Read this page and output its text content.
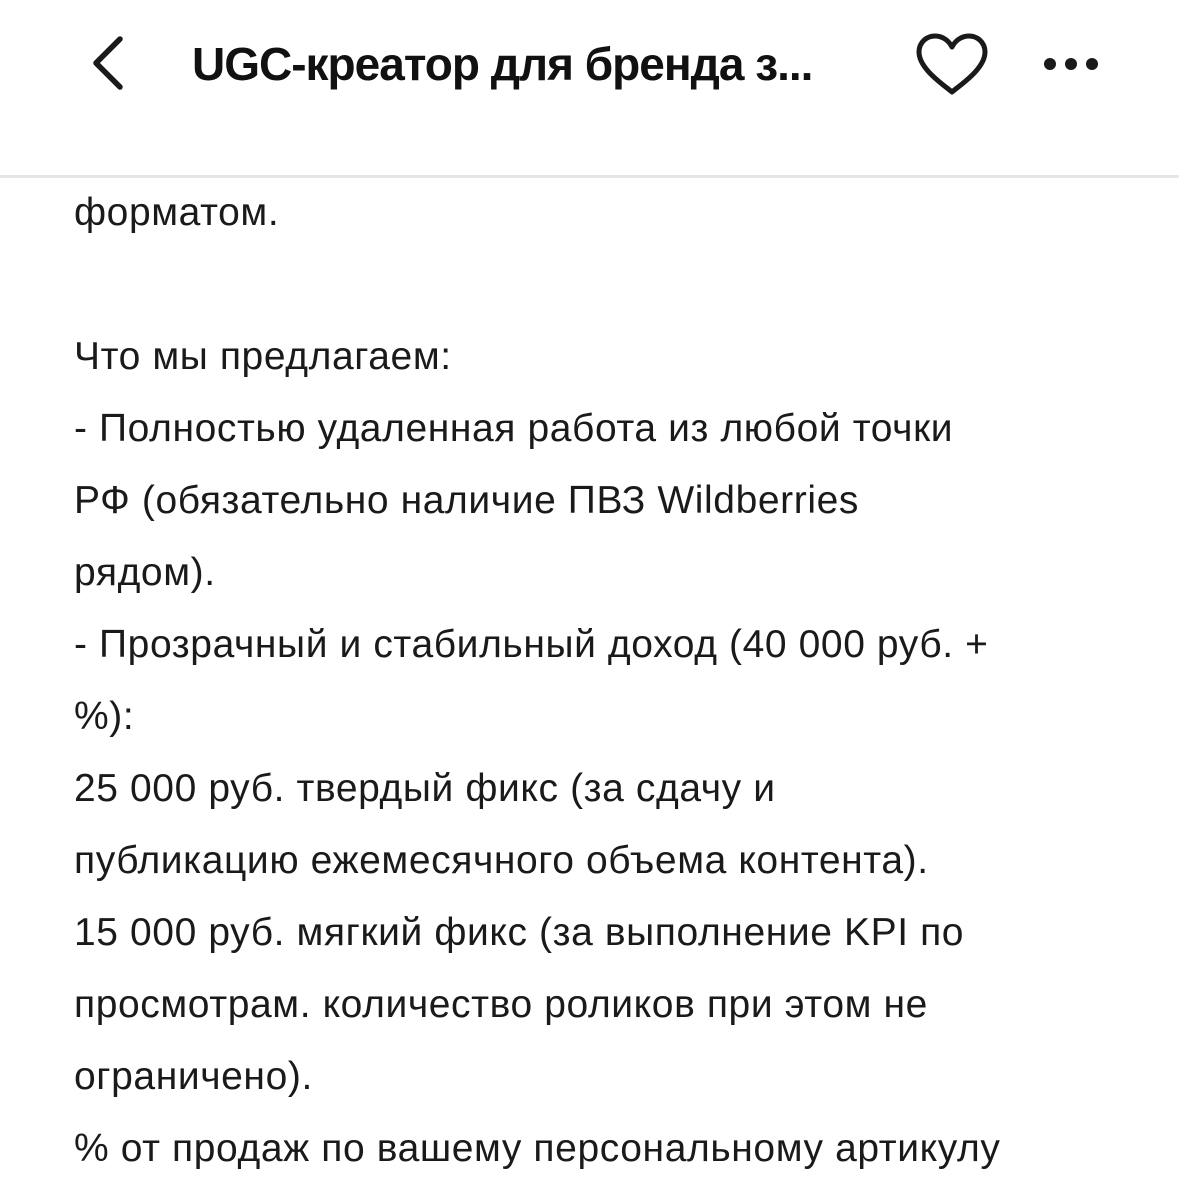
UGC-креатор для бренда з...
форматом.
Что мы предлагаем:
- Полностью удаленная работа из любой точки
РФ (обязательно наличие ПВЗ Wildberries
рядом).
- Прозрачный и стабильный доход (40 000 руб. +
%):
25 000 руб. твердый фикс (за сдачу и
публикацию ежемесячного объема контента).
15 000 руб. мягкий фикс (за выполнение KPI по
просмотрам. количество роликов при этом не
ограничено).
% от продаж по вашему персональному артикулу
